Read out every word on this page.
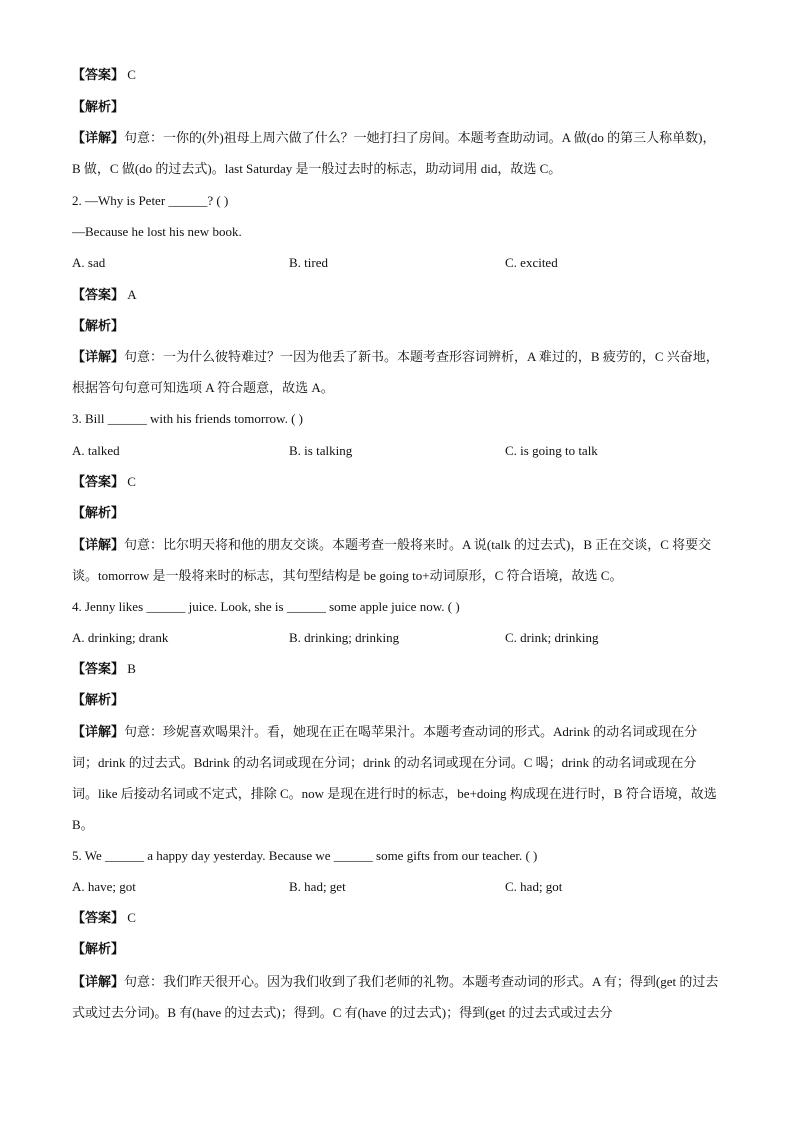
【答案】 C
【解析】
【详解】句意：一你的(外)祖母上周六做了什么？一她打扫了房间。本题考查助动词。A 做(do 的第三人称单数)，B 做，C 做(do 的过去式)。last Saturday 是一般过去时的标志，助动词用 did，故选 C。
2. —Why is Peter ______? ( )
—Because he lost his new book.
A. sad	B. tired	C. excited
【答案】 A
【解析】
【详解】句意：一为什么彼特难过？一因为他丢了新书。本题考查形容词辨析，A 难过的，B 疲劳的，C 兴奋地，根据答句句意可知选项 A 符合题意，故选 A。
3. Bill ______ with his friends tomorrow. ( )
A. talked	B. is talking	C. is going to talk
【答案】 C
【解析】
【详解】句意：比尔明天将和他的朋友交谈。本题考查一般将来时。A 说(talk 的过去式)，B 正在交谈，C 将要交谈。tomorrow 是一般将来时的标志，其句型结构是 be going to+动词原形，C 符合语境，故选 C。
4. Jenny likes ______ juice. Look, she is ______ some apple juice now. ( )
A. drinking; drank	B. drinking; drinking	C. drink; drinking
【答案】 B
【解析】
【详解】句意：珍妮喜欢喝果汁。看，她现在正在喝苹果汁。本题考查动词的形式。Adrink 的动名词或现在分词；drink 的过去式。Bdrink 的动名词或现在分词；drink 的动名词或现在分词。C 喝；drink 的动名词或现在分词。like 后接动名词或不定式，排除 C。now 是现在进行时的标志，be+doing 构成现在进行时，B 符合语境，故选 B。
5. We ______ a happy day yesterday. Because we ______ some gifts from our teacher. ( )
A. have; got	B. had; get	C. had; got
【答案】 C
【解析】
【详解】句意：我们昨天很开心。因为我们收到了我们老师的礼物。本题考查动词的形式。A 有；得到(get 的过去式或过去分词)。B 有(have 的过去式)；得到。C 有(have 的过去式)；得到(get 的过去式或过去分
